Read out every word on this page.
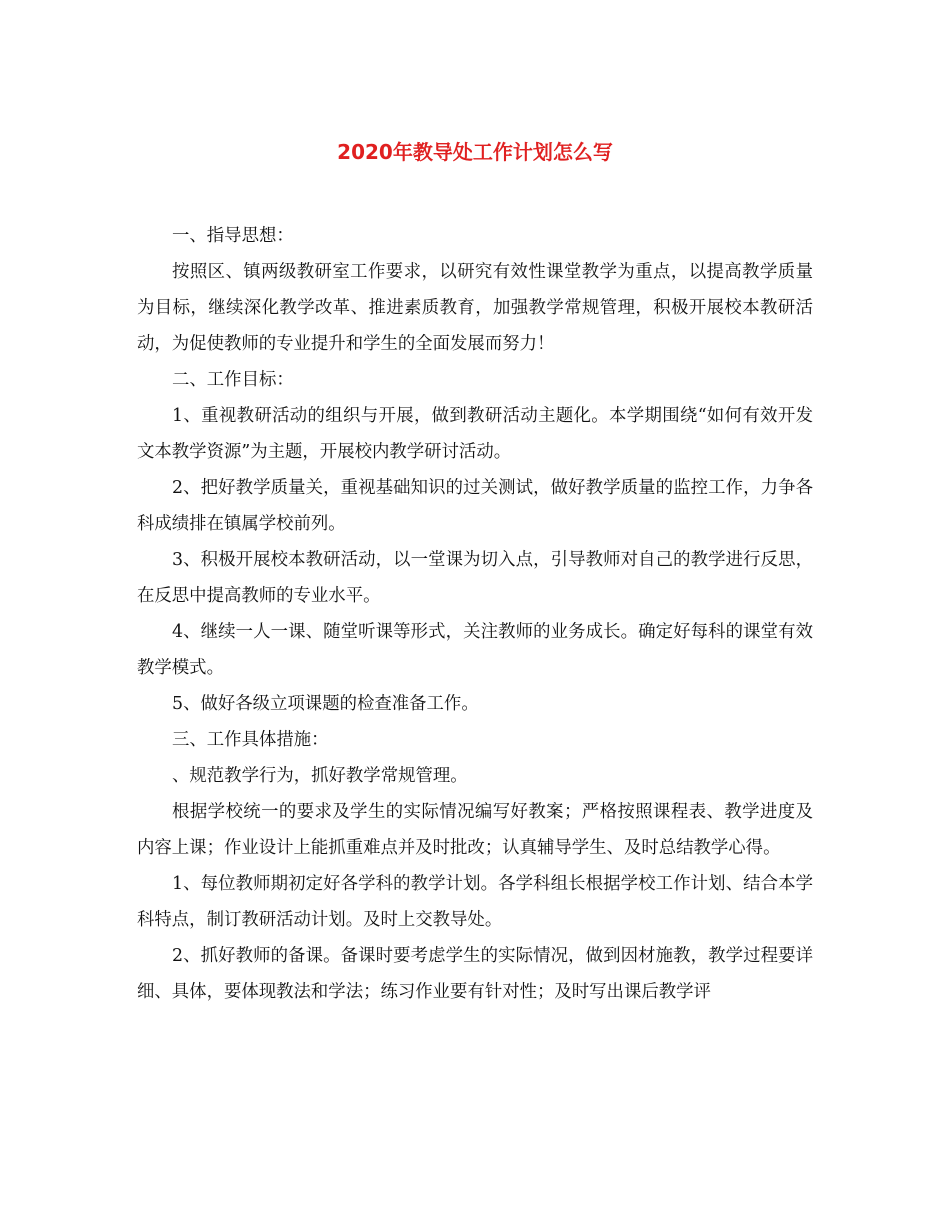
2020年教导处工作计划怎么写

一、指导思想：

按照区、镇两级教研室工作要求，以研究有效性课堂教学为重点，以提高教学质量为目标，继续深化教学改革、推进素质教育，加强教学常规管理，积极开展校本教研活动，为促使教师的专业提升和学生的全面发展而努力！

二、工作目标：

1、重视教研活动的组织与开展，做到教研活动主题化。本学期围绕“如何有效开发文本教学资源”为主题，开展校内教学研讨活动。

2、把好教学质量关，重视基础知识的过关测试，做好教学质量的监控工作，力争各科成绩排在镇属学校前列。

3、积极开展校本教研活动，以一堂课为切入点，引导教师对自己的教学进行反思，在反思中提高教师的专业水平。

4、继续一人一课、随堂听课等形式，关注教师的业务成长。确定好每科的课堂有效教学模式。

5、做好各级立项课题的检查准备工作。

三、工作具体措施：

、规范教学行为，抓好教学常规管理。

根据学校统一的要求及学生的实际情况编写好教案；严格按照课程表、教学进度及内容上课；作业设计上能抓重难点并及时批改；认真辅导学生、及时总结教学心得。

1、每位教师期初定好各学科的教学计划。各学科组长根据学校工作计划、结合本学科特点，制订教研活动计划。及时上交教导处。

2、抓好教师的备课。备课时要考虑学生的实际情况，做到因材施教，教学过程要详细、具体，要体现教法和学法；练习作业要有针对性；及时写出课后教学评
